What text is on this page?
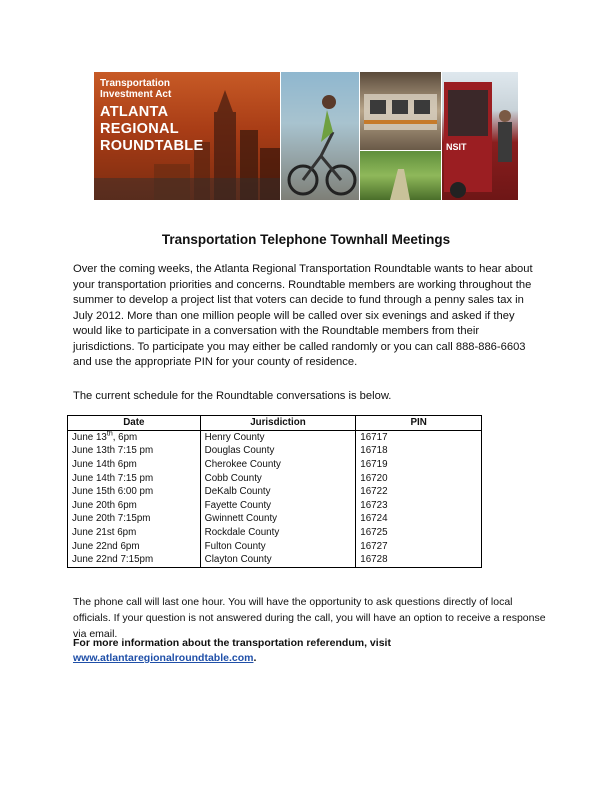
Transportation
Investment Act
ATLANTA
REGIONAL
ROUNDTABLE	NSIT
Transportation Telephone Townhall Meetings
Over the coming weeks, the Atlanta Regional Transportation Roundtable wants to hear about your transportation priorities and concerns. Roundtable members are working throughout the summer to develop a project list that voters can decide to fund through a penny sales tax in July 2012. More than one million people will be called over six evenings and asked if they would like to participate in a conversation with the Roundtable members from their jurisdictions. To participate you may either be called randomly or you can call 888-886-6603 and use the appropriate PIN for your county of residence.
The current schedule for the Roundtable conversations is below.
Date	Jurisdiction	PIN
June 13th, 6pm	Henry County	16717
June 13th 7:15 pm	Douglas County	16718
June 14th 6pm	Cherokee County	16719
June 14th 7:15 pm	Cobb County	16720
June 15th 6:00 pm	DeKalb County	16722
June 20th 6pm	Fayette County	16723
June 20th 7:15pm	Gwinnett County	16724
June 21st 6pm	Rockdale County	16725
June 22nd 6pm	Fulton County	16727
June 22nd 7:15pm	Clayton County	16728
The phone call will last one hour. You will have the opportunity to ask questions directly of local officials. If your question is not answered during the call, you will have an option to receive a response via email.
For more information about the transportation referendum, visit
www.atlantaregionalroundtable.com.
